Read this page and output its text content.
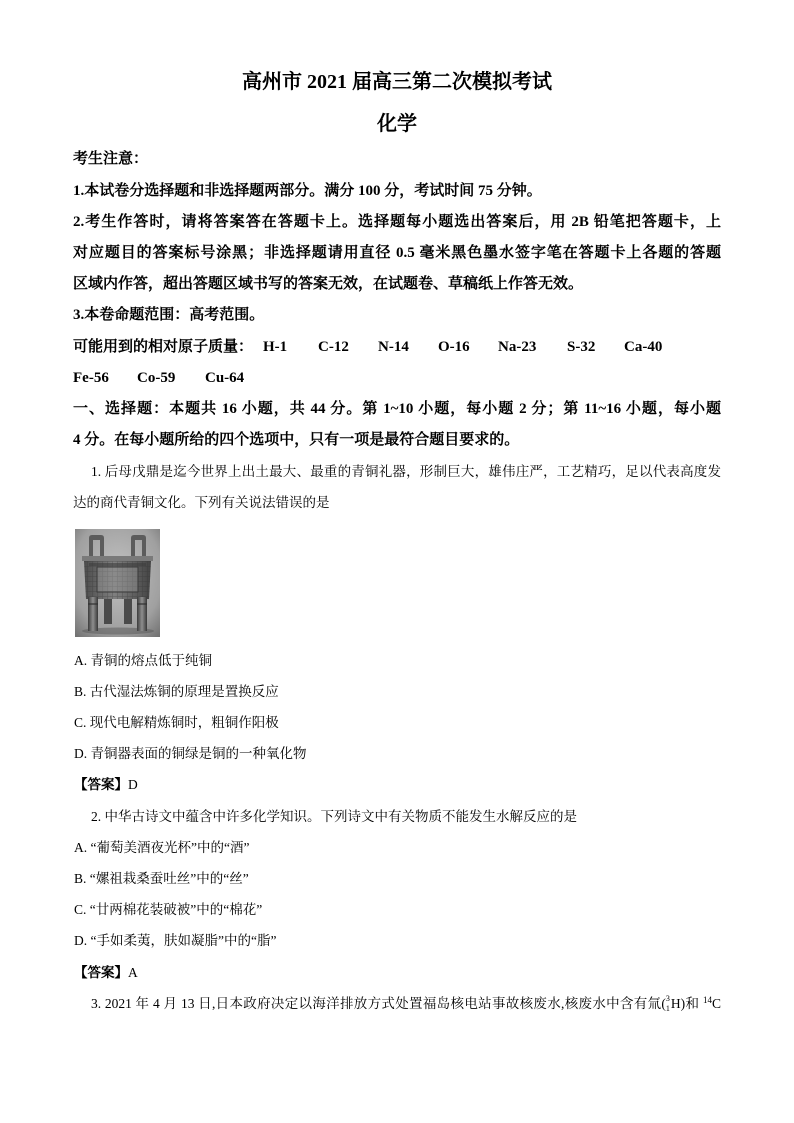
高州市 2021 届高三第二次模拟考试
化学
考生注意：
1.本试卷分选择题和非选择题两部分。满分 100 分，考试时间 75 分钟。
2.考生作答时，请将答案答在答题卡上。选择题每小题选出答案后，用 2B 铅笔把答题卡，上
对应题目的答案标号涂黑；非选择题请用直径 0.5 毫米黑色墨水签字笔在答题卡上各题的答题
区域内作答，超出答题区域书写的答案无效，在试题卷、草稿纸上作答无效。
3.本卷命题范围：高考范围。
可能用到的相对原子质量： H-1	C-12	N-14	O-16	Na-23	S-32	Ca-40
Fe-56	Co-59	Cu-64
一、选择题：本题共 16 小题，共 44 分。第 1~10 小题，每小题 2 分；第 11~16 小题，每小题
4 分。在每小题所给的四个选项中，只有一项是最符合题目要求的。
1. 后母戊鼎是迄今世界上出土最大、最重的青铜礼器，形制巨大，雄伟庄严，工艺精巧，足以代表高度发
达的商代青铜文化。下列有关说法错误的是
A. 青铜的熔点低于纯铜
B. 古代湿法炼铜的原理是置换反应
C. 现代电解精炼铜时，粗铜作阳极
D. 青铜器表面的铜绿是铜的一种氧化物
【答案】D
2. 中华古诗文中蕴含中许多化学知识。下列诗文中有关物质不能发生水解反应的是
A. “葡萄美酒夜光杯”中的“酒”
B. “嫘祖栽桑蚕吐丝”中的“丝”
C. “廿两棉花装破被”中的“棉花”
D. “手如柔荑，肤如凝脂”中的“脂”
【答案】A
3. 2021 年 4 月 13 日,日本政府决定以海洋排放方式处置福岛核电站事故核废水,核废水中含有氚( 3
1 H)和 $^{14}$C
